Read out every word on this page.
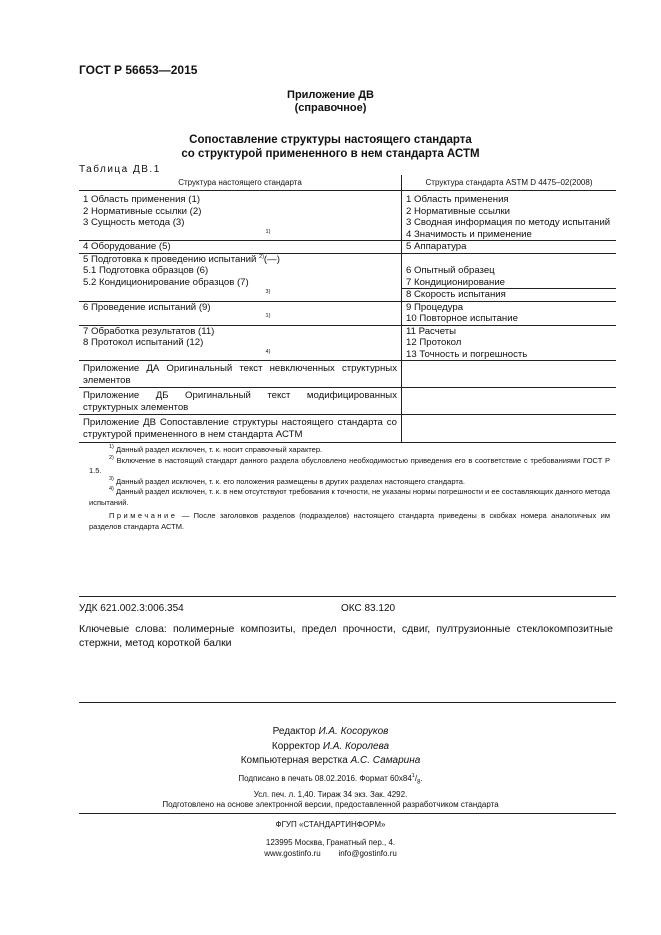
ГОСТ Р 56653—2015
Приложение ДВ
(справочное)
Сопоставление структуры настоящего стандарта
со структурой примененного в нем стандарта АСТМ
Таблица ДВ.1
Структура настоящего стандарта	Структура стандарта ASTM D 4475–02(2008)
1 Область применения (1)	1 Область применения
2 Нормативные ссылки (2)	2 Нормативные ссылки
3 Сущность метода (3)	3 Сводная информация по методу испытаний
$^{1)}$	4 Значимость и применение
4 Оборудование (5)	5 Аппаратура
5 Подготовка к проведению испытаний $^{2)}$(—)	
5.1 Подготовка образцов (6)	6 Опытный образец
5.2 Кондиционирование образцов (7)	7 Кондиционирование
$^{3)}$	8 Скорость испытания
6 Проведение испытаний (9)	9 Процедура
$^{1)}$	10 Повторное испытание
7 Обработка результатов (11)	11 Расчеты
8 Протокол испытаний (12)	12 Протокол
$^{4)}$	13 Точность и погрешность
Приложение ДА Оригинальный текст невключенных структурных элементов	
Приложение ДБ Оригинальный текст модифицированных структурных элементов	
Приложение ДВ Сопоставление структуры настоящего стандарта со структурой примененного в нем стандарта АСТМ	

$^{1)}$ Данный раздел исключен, т. к. носит справочный характер.
$^{2)}$ Включение в настоящий стандарт данного раздела обусловлено необходимостью приведения его в соответствие с требованиями ГОСТ Р 1.5.
$^{3)}$ Данный раздел исключен, т. к. его положения размещены в других разделах настоящего стандарта.
$^{4)}$ Данный раздел исключен, т. к. в нем отсутствуют требования к точности, не указаны нормы погрешности и ее составляющих данного метода испытаний.
Примечание — После заголовков разделов (подразделов) настоящего стандарта приведены в скобках номера аналогичных им разделов стандарта АСТМ.	
УДК 621.002.3:006.354	ОКС 83.120
Ключевые слова: полимерные композиты, предел прочности, сдвиг, пултрузионные стеклокомпозитные стержни, метод короткой балки
Редактор И.А. Косоруков
Корректор И.А. Королева
Компьютерная верстка А.С. Самарина
Подписано в печать 08.02.2016. Формат $60x84^1/_8$.
Усл. печ. л. 1,40. Тираж 34 экз. Зак. 4292.
Подготовлено на основе электронной версии, предоставленной разработчиком стандарта
ФГУП «СТАНДАРТИНФОРМ»
123995 Москва, Гранатный пер., 4.
www.gostinfo.ru info@gostinfo.ru
